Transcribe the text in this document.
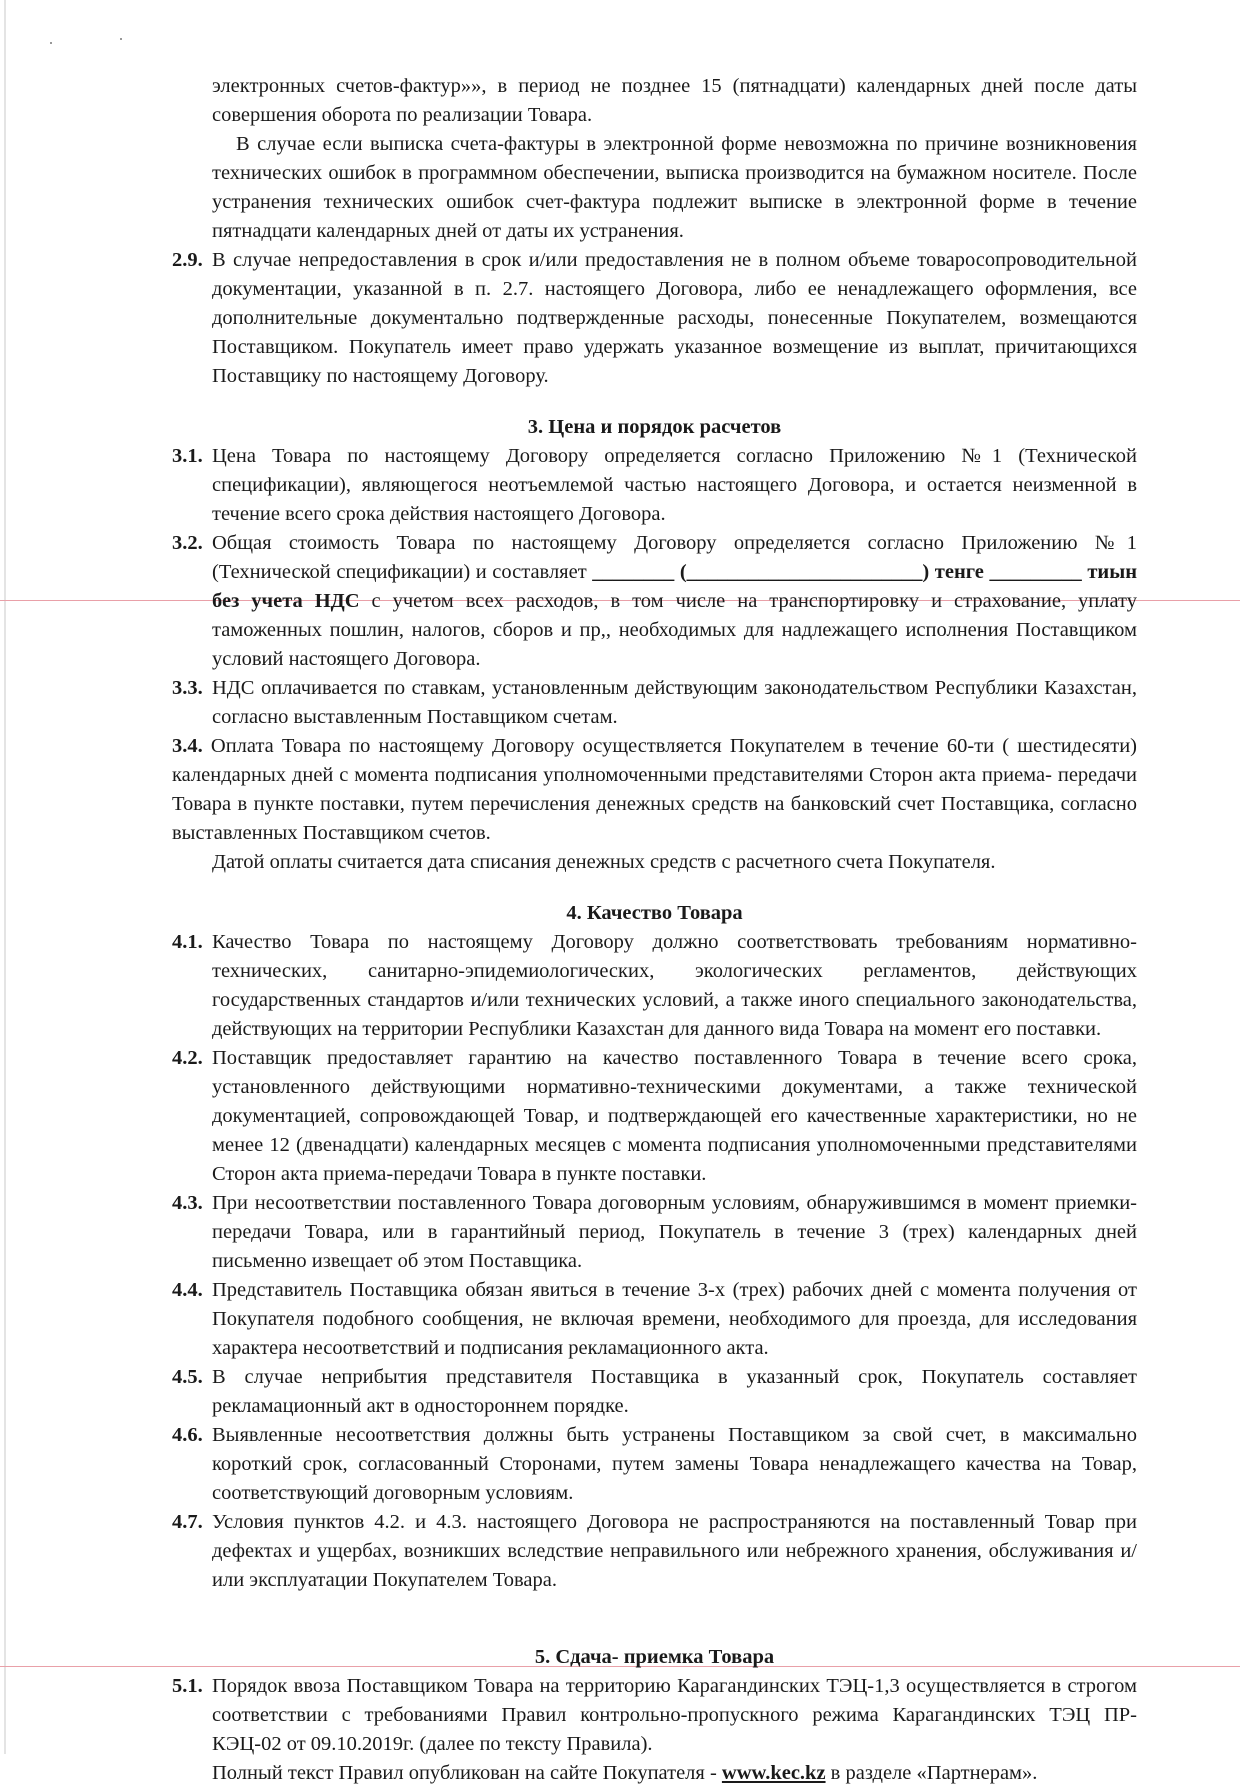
электронных счетов-фактур»», в период не позднее 15 (пятнадцати) календарных дней после даты совершения оборота по реализации Товара.

В случае если выписка счета-фактуры в электронной форме невозможна по причине возникновения технических ошибок в программном обеспечении, выписка производится на бумажном носителе. После устранения технических ошибок счет-фактура подлежит выписке в электронной форме в течение пятнадцати календарных дней от даты их устранения.

2.9. В случае непредоставления в срок и/или предоставления не в полном объеме товаросопроводительной документации, указанной в п. 2.7. настоящего Договора, либо ее ненадлежащего оформления, все дополнительные документально подтвержденные расходы, понесенные Покупателем, возмещаются Поставщиком. Покупатель имеет право удержать указанное возмещение из выплат, причитающихся Поставщику по настоящему Договору.

3. Цена и порядок расчетов

3.1. Цена Товара по настоящему Договору определяется согласно Приложению №1 (Технической спецификации), являющегося неотъемлемой частью настоящего Договора, и остается неизменной в течение всего срока действия настоящего Договора.
3.2. Общая стоимость Товара по настоящему Договору определяется согласно Приложению №1 (Технической спецификации) и составляет ________ (_______________________) тенге _________ тиын без учета НДС с учетом всех расходов, в том числе на транспортировку и страхование, уплату таможенных пошлин, налогов, сборов и пр,, необходимых для надлежащего исполнения Поставщиком условий настоящего Договора.
3.3. НДС оплачивается по ставкам, установленным действующим законодательством Республики Казахстан, согласно выставленным Поставщиком счетам.

3.4. Оплата Товара по настоящему Договору осуществляется Покупателем в течение 60-ти ( шестидесяти) календарных дней с момента подписания уполномоченными представителями Сторон акта приема- передачи Товара в пункте поставки, путем перечисления денежных средств на банковский счет Поставщика, согласно выставленных Поставщиком счетов.

Датой оплаты считается дата списания денежных средств с расчетного счета Покупателя.

4. Качество Товара

4.1. Качество Товара по настоящему Договору должно соответствовать требованиям нормативно-технических, санитарно-эпидемиологических, экологических регламентов, действующих государственных стандартов и/или технических условий, а также иного специального законодательства, действующих на территории Республики Казахстан для данного вида Товара на момент его поставки.
4.2. Поставщик предоставляет гарантию на качество поставленного Товара в течение всего срока, установленного действующими нормативно-техническими документами, а также технической документацией, сопровождающей Товар, и подтверждающей его качественные характеристики, но не менее 12 (двенадцати) календарных месяцев с момента подписания уполномоченными представителями Сторон акта приема-передачи Товара в пункте поставки.
4.3. При несоответствии поставленного Товара договорным условиям, обнаружившимся в момент приемки-передачи Товара, или в гарантийный период, Покупатель в течение 3 (трех) календарных дней письменно извещает об этом Поставщика.
4.4. Представитель Поставщика обязан явиться в течение 3-х (трех) рабочих дней с момента получения от Покупателя подобного сообщения, не включая времени, необходимого для проезда, для исследования характера несоответствий и подписания рекламационного акта.
4.5. В случае неприбытия представителя Поставщика в указанный срок, Покупатель составляет рекламационный акт в одностороннем порядке.
4.6. Выявленные несоответствия должны быть устранены Поставщиком за свой счет, в максимально короткий срок, согласованный Сторонами, путем замены Товара ненадлежащего качества на Товар, соответствующий договорным условиям.
4.7. Условия пунктов 4.2. и 4.3. настоящего Договора не распространяются на поставленный Товар при дефектах и ущербах, возникших вследствие неправильного или небрежного хранения, обслуживания и/или эксплуатации Покупателем Товара.

5. Сдача- приемка Товара

5.1. Порядок ввоза Поставщиком Товара на территорию Карагандинских ТЭЦ-1,3 осуществляется в строгом соответствии с требованиями Правил контрольно-пропускного режима Карагандинских ТЭЦ ПР-КЭЦ-02 от 09.10.2019г. (далее по тексту Правила).

Полный текст Правил опубликован на сайте Покупателя - www.kec.kz в разделе «Партнерам».
